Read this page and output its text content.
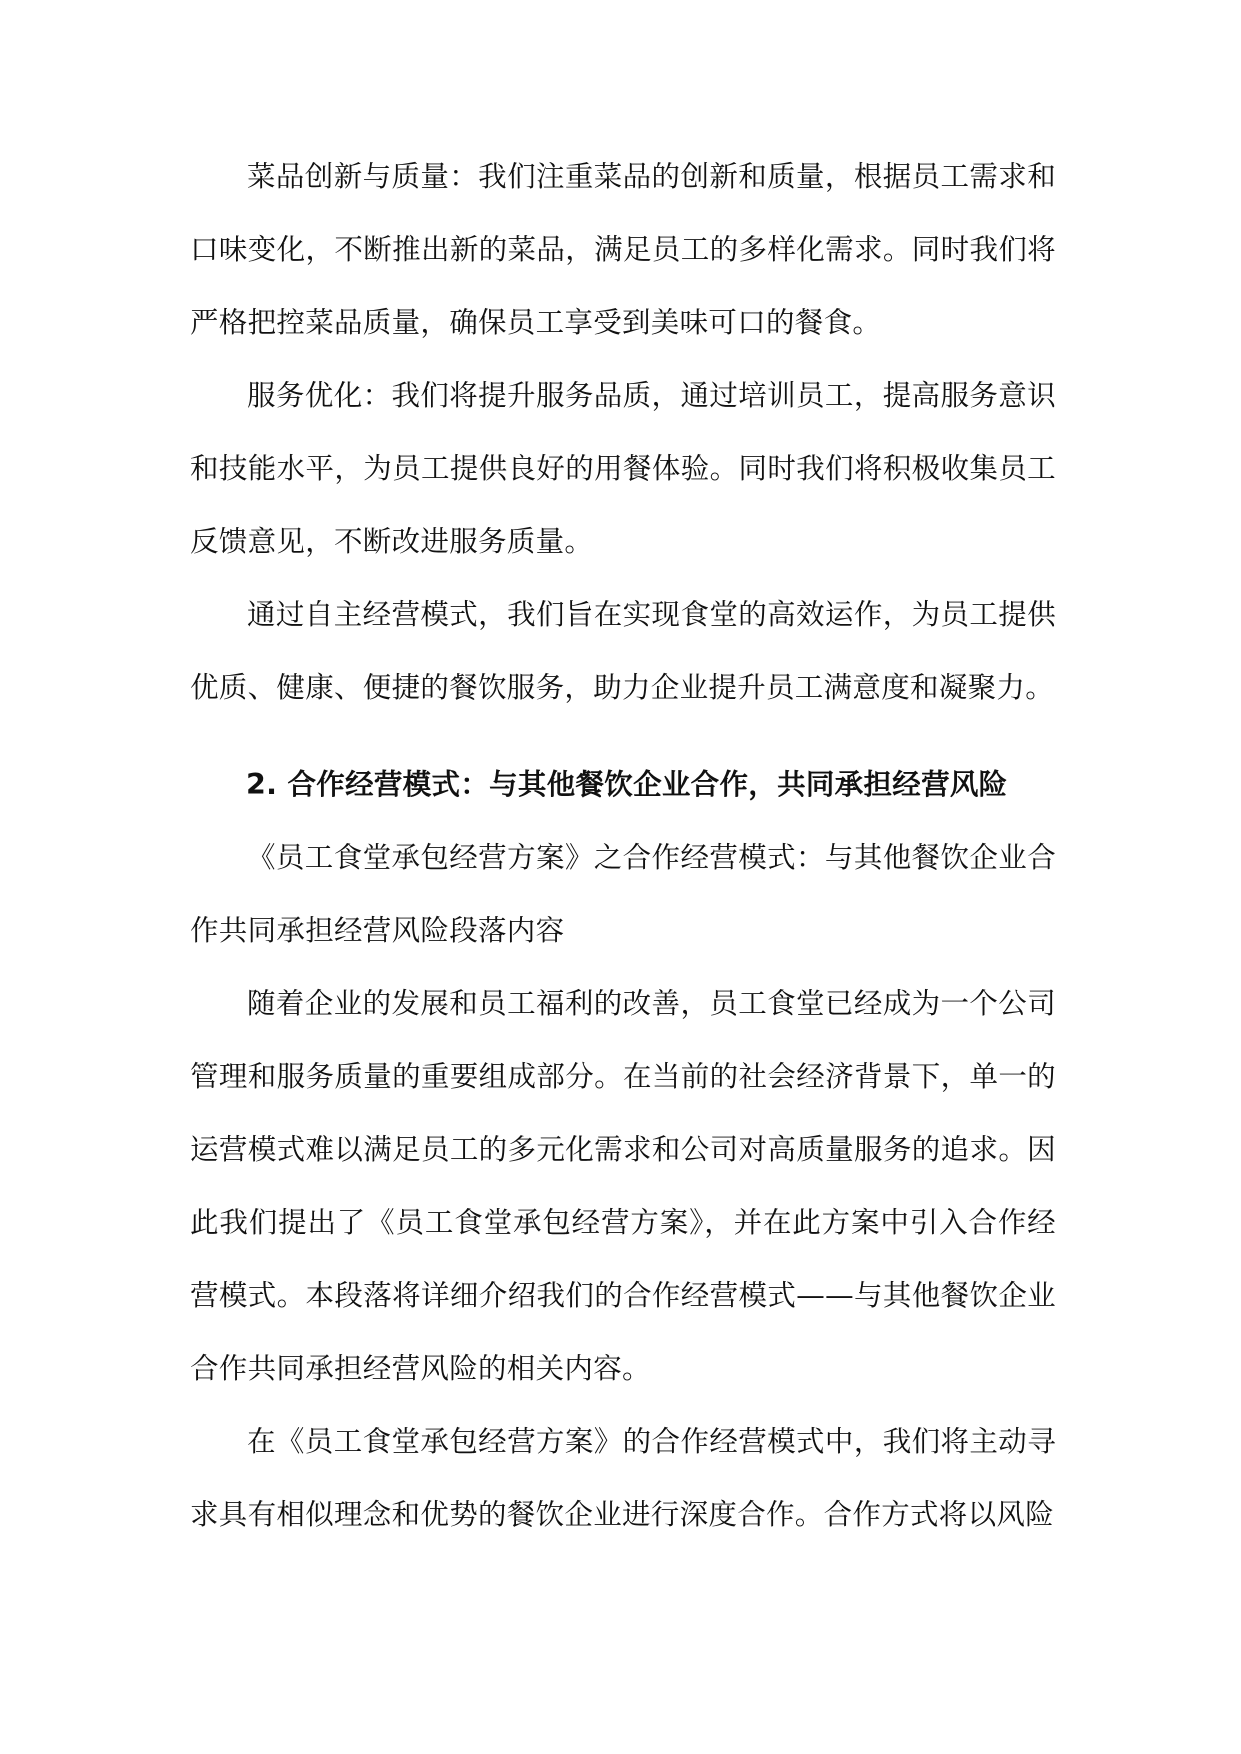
菜品创新与质量：我们注重菜品的创新和质量，根据员工需求和口味变化，不断推出新的菜品，满足员工的多样化需求。同时我们将严格把控菜品质量，确保员工享受到美味可口的餐食。

服务优化：我们将提升服务品质，通过培训员工，提高服务意识和技能水平，为员工提供良好的用餐体验。同时我们将积极收集员工反馈意见，不断改进服务质量。

通过自主经营模式，我们旨在实现食堂的高效运作，为员工提供优质、健康、便捷的餐饮服务，助力企业提升员工满意度和凝聚力。

2. 合作经营模式：与其他餐饮企业合作，共同承担经营风险

《员工食堂承包经营方案》之合作经营模式：与其他餐饮企业合作共同承担经营风险段落内容

随着企业的发展和员工福利的改善，员工食堂已经成为一个公司管理和服务质量的重要组成部分。在当前的社会经济背景下，单一的运营模式难以满足员工的多元化需求和公司对高质量服务的追求。因此我们提出了《员工食堂承包经营方案》，并在此方案中引入合作经营模式。本段落将详细介绍我们的合作经营模式——与其他餐饮企业合作共同承担经营风险的相关内容。

在《员工食堂承包经营方案》的合作经营模式中，我们将主动寻求具有相似理念和优势的餐饮企业进行深度合作。合作方式将以风险
